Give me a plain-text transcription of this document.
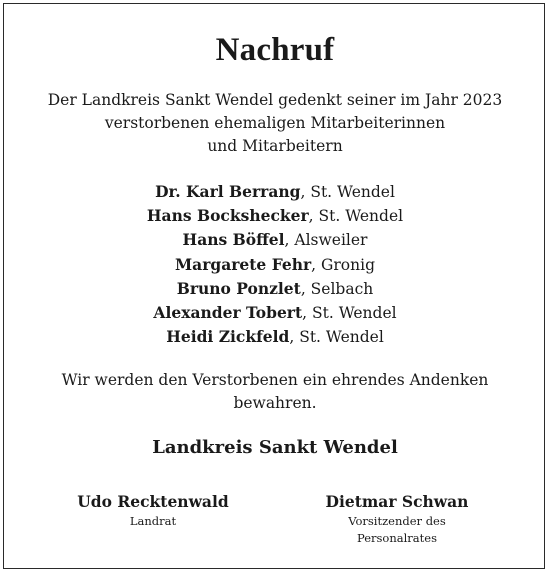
Nachruf
Der Landkreis Sankt Wendel gedenkt seiner im Jahr 2023
verstorbenen ehemaligen Mitarbeiterinnen
und Mitarbeitern
Dr. Karl Berrang, St. Wendel
Hans Bockshecker, St. Wendel
Hans Böffel, Alsweiler
Margarete Fehr, Gronig
Bruno Ponzlet, Selbach
Alexander Tobert, St. Wendel
Heidi Zickfeld, St. Wendel
Wir werden den Verstorbenen ein ehrendes Andenken
bewahren.
Landkreis Sankt Wendel
Udo Recktenwald
Landrat
Dietmar Schwan
Vorsitzender des
Personalrates
